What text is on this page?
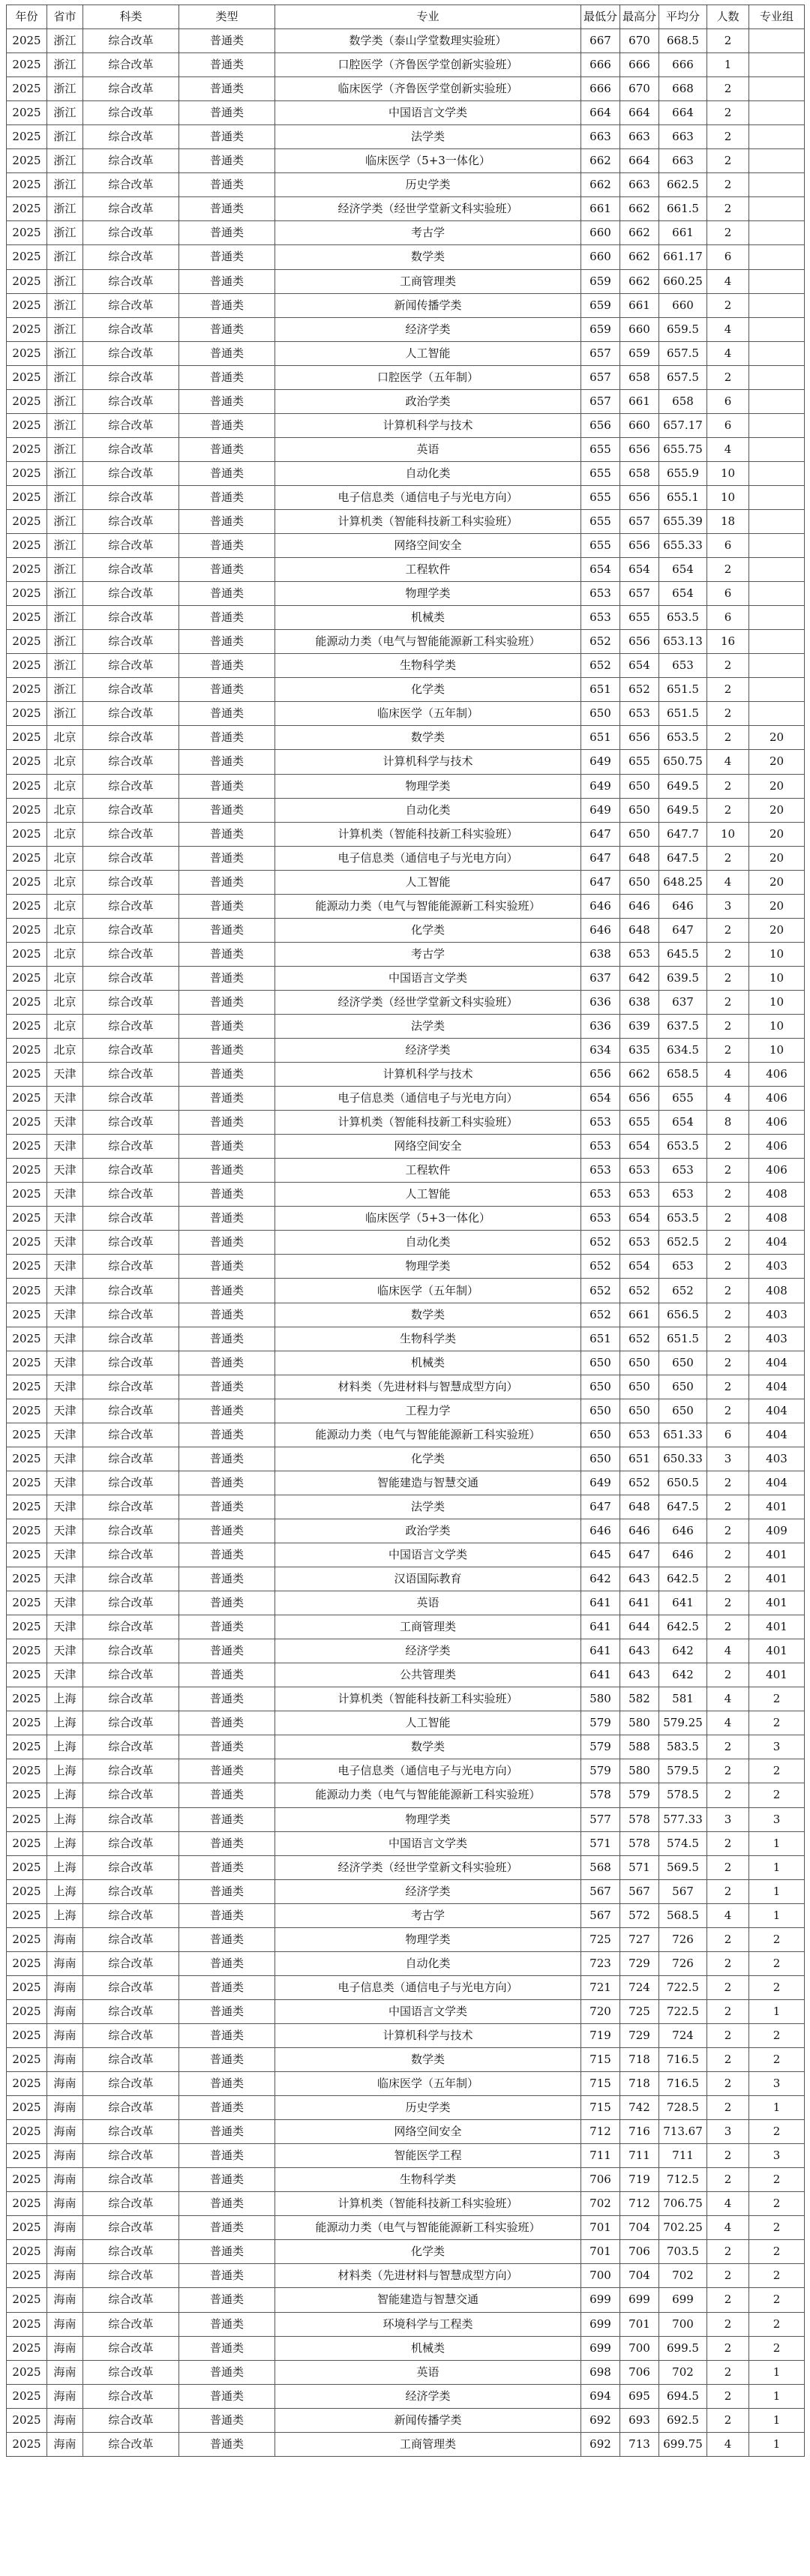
年份	省市	科类	类型	专业	最低分	最高分	平均分	人数	专业组
2025	浙江	综合改革	普通类	数学类（泰山学堂数理实验班）	667	670	668.5	2	
2025	浙江	综合改革	普通类	口腔医学（齐鲁医学堂创新实验班）	666	666	666	1	
2025	浙江	综合改革	普通类	临床医学（齐鲁医学堂创新实验班）	666	670	668	2	
2025	浙江	综合改革	普通类	中国语言文学类	664	664	664	2	
2025	浙江	综合改革	普通类	法学类	663	663	663	2	
2025	浙江	综合改革	普通类	临床医学（5+3一体化）	662	664	663	2	
2025	浙江	综合改革	普通类	历史学类	662	663	662.5	2	
2025	浙江	综合改革	普通类	经济学类（经世学堂新文科实验班）	661	662	661.5	2	
2025	浙江	综合改革	普通类	考古学	660	662	661	2	
2025	浙江	综合改革	普通类	数学类	660	662	661.17	6	
2025	浙江	综合改革	普通类	工商管理类	659	662	660.25	4	
2025	浙江	综合改革	普通类	新闻传播学类	659	661	660	2	
2025	浙江	综合改革	普通类	经济学类	659	660	659.5	4	
2025	浙江	综合改革	普通类	人工智能	657	659	657.5	4	
2025	浙江	综合改革	普通类	口腔医学（五年制）	657	658	657.5	2	
2025	浙江	综合改革	普通类	政治学类	657	661	658	6	
2025	浙江	综合改革	普通类	计算机科学与技术	656	660	657.17	6	
2025	浙江	综合改革	普通类	英语	655	656	655.75	4	
2025	浙江	综合改革	普通类	自动化类	655	658	655.9	10	
2025	浙江	综合改革	普通类	电子信息类（通信电子与光电方向）	655	656	655.1	10	
2025	浙江	综合改革	普通类	计算机类（智能科技新工科实验班）	655	657	655.39	18	
2025	浙江	综合改革	普通类	网络空间安全	655	656	655.33	6	
2025	浙江	综合改革	普通类	工程软件	654	654	654	2	
2025	浙江	综合改革	普通类	物理学类	653	657	654	6	
2025	浙江	综合改革	普通类	机械类	653	655	653.5	6	
2025	浙江	综合改革	普通类	能源动力类（电气与智能能源新工科实验班）	652	656	653.13	16	
2025	浙江	综合改革	普通类	生物科学类	652	654	653	2	
2025	浙江	综合改革	普通类	化学类	651	652	651.5	2	
2025	浙江	综合改革	普通类	临床医学（五年制）	650	653	651.5	2	
2025	北京	综合改革	普通类	数学类	651	656	653.5	2	20
2025	北京	综合改革	普通类	计算机科学与技术	649	655	650.75	4	20
2025	北京	综合改革	普通类	物理学类	649	650	649.5	2	20
2025	北京	综合改革	普通类	自动化类	649	650	649.5	2	20
2025	北京	综合改革	普通类	计算机类（智能科技新工科实验班）	647	650	647.7	10	20
2025	北京	综合改革	普通类	电子信息类（通信电子与光电方向）	647	648	647.5	2	20
2025	北京	综合改革	普通类	人工智能	647	650	648.25	4	20
2025	北京	综合改革	普通类	能源动力类（电气与智能能源新工科实验班）	646	646	646	3	20
2025	北京	综合改革	普通类	化学类	646	648	647	2	20
2025	北京	综合改革	普通类	考古学	638	653	645.5	2	10
2025	北京	综合改革	普通类	中国语言文学类	637	642	639.5	2	10
2025	北京	综合改革	普通类	经济学类（经世学堂新文科实验班）	636	638	637	2	10
2025	北京	综合改革	普通类	法学类	636	639	637.5	2	10
2025	北京	综合改革	普通类	经济学类	634	635	634.5	2	10
2025	天津	综合改革	普通类	计算机科学与技术	656	662	658.5	4	406
2025	天津	综合改革	普通类	电子信息类（通信电子与光电方向）	654	656	655	4	406
2025	天津	综合改革	普通类	计算机类（智能科技新工科实验班）	653	655	654	8	406
2025	天津	综合改革	普通类	网络空间安全	653	654	653.5	2	406
2025	天津	综合改革	普通类	工程软件	653	653	653	2	406
2025	天津	综合改革	普通类	人工智能	653	653	653	2	408
2025	天津	综合改革	普通类	临床医学（5+3一体化）	653	654	653.5	2	408
2025	天津	综合改革	普通类	自动化类	652	653	652.5	2	404
2025	天津	综合改革	普通类	物理学类	652	654	653	2	403
2025	天津	综合改革	普通类	临床医学（五年制）	652	652	652	2	408
2025	天津	综合改革	普通类	数学类	652	661	656.5	2	403
2025	天津	综合改革	普通类	生物科学类	651	652	651.5	2	403
2025	天津	综合改革	普通类	机械类	650	650	650	2	404
2025	天津	综合改革	普通类	材料类（先进材料与智慧成型方向）	650	650	650	2	404
2025	天津	综合改革	普通类	工程力学	650	650	650	2	404
2025	天津	综合改革	普通类	能源动力类（电气与智能能源新工科实验班）	650	653	651.33	6	404
2025	天津	综合改革	普通类	化学类	650	651	650.33	3	403
2025	天津	综合改革	普通类	智能建造与智慧交通	649	652	650.5	2	404
2025	天津	综合改革	普通类	法学类	647	648	647.5	2	401
2025	天津	综合改革	普通类	政治学类	646	646	646	2	409
2025	天津	综合改革	普通类	中国语言文学类	645	647	646	2	401
2025	天津	综合改革	普通类	汉语国际教育	642	643	642.5	2	401
2025	天津	综合改革	普通类	英语	641	641	641	2	401
2025	天津	综合改革	普通类	工商管理类	641	644	642.5	2	401
2025	天津	综合改革	普通类	经济学类	641	643	642	4	401
2025	天津	综合改革	普通类	公共管理类	641	643	642	2	401
2025	上海	综合改革	普通类	计算机类（智能科技新工科实验班）	580	582	581	4	2
2025	上海	综合改革	普通类	人工智能	579	580	579.25	4	2
2025	上海	综合改革	普通类	数学类	579	588	583.5	2	3
2025	上海	综合改革	普通类	电子信息类（通信电子与光电方向）	579	580	579.5	2	2
2025	上海	综合改革	普通类	能源动力类（电气与智能能源新工科实验班）	578	579	578.5	2	2
2025	上海	综合改革	普通类	物理学类	577	578	577.33	3	3
2025	上海	综合改革	普通类	中国语言文学类	571	578	574.5	2	1
2025	上海	综合改革	普通类	经济学类（经世学堂新文科实验班）	568	571	569.5	2	1
2025	上海	综合改革	普通类	经济学类	567	567	567	2	1
2025	上海	综合改革	普通类	考古学	567	572	568.5	4	1
2025	海南	综合改革	普通类	物理学类	725	727	726	2	2
2025	海南	综合改革	普通类	自动化类	723	729	726	2	2
2025	海南	综合改革	普通类	电子信息类（通信电子与光电方向）	721	724	722.5	2	2
2025	海南	综合改革	普通类	中国语言文学类	720	725	722.5	2	1
2025	海南	综合改革	普通类	计算机科学与技术	719	729	724	2	2
2025	海南	综合改革	普通类	数学类	715	718	716.5	2	2
2025	海南	综合改革	普通类	临床医学（五年制）	715	718	716.5	2	3
2025	海南	综合改革	普通类	历史学类	715	742	728.5	2	1
2025	海南	综合改革	普通类	网络空间安全	712	716	713.67	3	2
2025	海南	综合改革	普通类	智能医学工程	711	711	711	2	3
2025	海南	综合改革	普通类	生物科学类	706	719	712.5	2	2
2025	海南	综合改革	普通类	计算机类（智能科技新工科实验班）	702	712	706.75	4	2
2025	海南	综合改革	普通类	能源动力类（电气与智能能源新工科实验班）	701	704	702.25	4	2
2025	海南	综合改革	普通类	化学类	701	706	703.5	2	2
2025	海南	综合改革	普通类	材料类（先进材料与智慧成型方向）	700	704	702	2	2
2025	海南	综合改革	普通类	智能建造与智慧交通	699	699	699	2	2
2025	海南	综合改革	普通类	环境科学与工程类	699	701	700	2	2
2025	海南	综合改革	普通类	机械类	699	700	699.5	2	2
2025	海南	综合改革	普通类	英语	698	706	702	2	1
2025	海南	综合改革	普通类	经济学类	694	695	694.5	2	1
2025	海南	综合改革	普通类	新闻传播学类	692	693	692.5	2	1
2025	海南	综合改革	普通类	工商管理类	692	713	699.75	4	1
